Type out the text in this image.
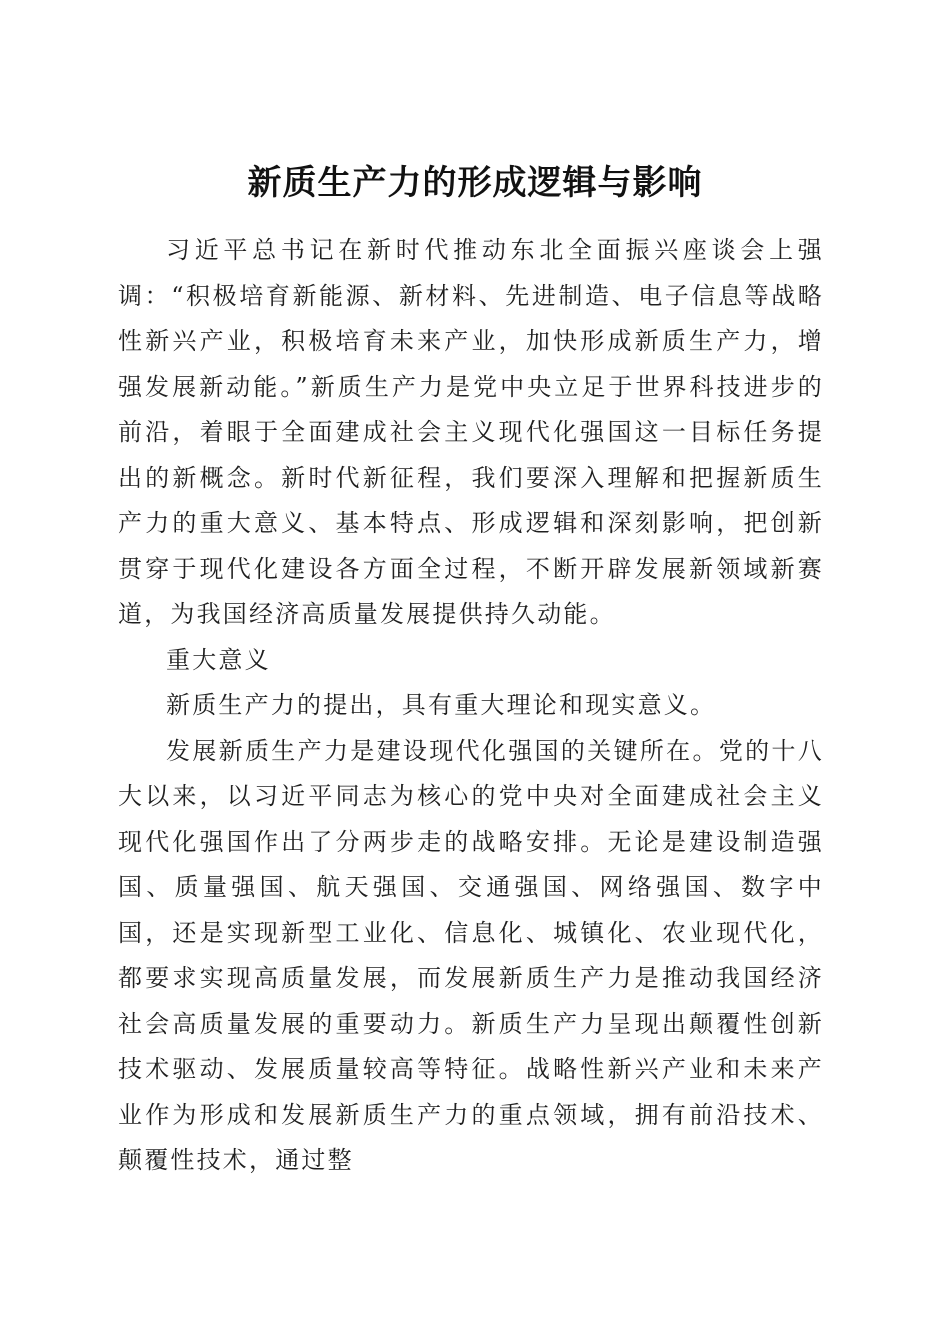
新质生产力的形成逻辑与影响

习近平总书记在新时代推动东北全面振兴座谈会上强调：“积极培育新能源、新材料、先进制造、电子信息等战略性新兴产业，积极培育未来产业，加快形成新质生产力，增强发展新动能。”新质生产力是党中央立足于世界科技进步的前沿，着眼于全面建成社会主义现代化强国这一目标任务提出的新概念。新时代新征程，我们要深入理解和把握新质生产力的重大意义、基本特点、形成逻辑和深刻影响，把创新贯穿于现代化建设各方面全过程，不断开辟发展新领域新赛道，为我国经济高质量发展提供持久动能。

重大意义

新质生产力的提出，具有重大理论和现实意义。

发展新质生产力是建设现代化强国的关键所在。党的十八大以来，以习近平同志为核心的党中央对全面建成社会主义现代化强国作出了分两步走的战略安排。无论是建设制造强国、质量强国、航天强国、交通强国、网络强国、数字中国，还是实现新型工业化、信息化、城镇化、农业现代化，都要求实现高质量发展，而发展新质生产力是推动我国经济社会高质量发展的重要动力。新质生产力呈现出颠覆性创新技术驱动、发展质量较高等特征。战略性新兴产业和未来产业作为形成和发展新质生产力的重点领域，拥有前沿技术、颠覆性技术，通过整
